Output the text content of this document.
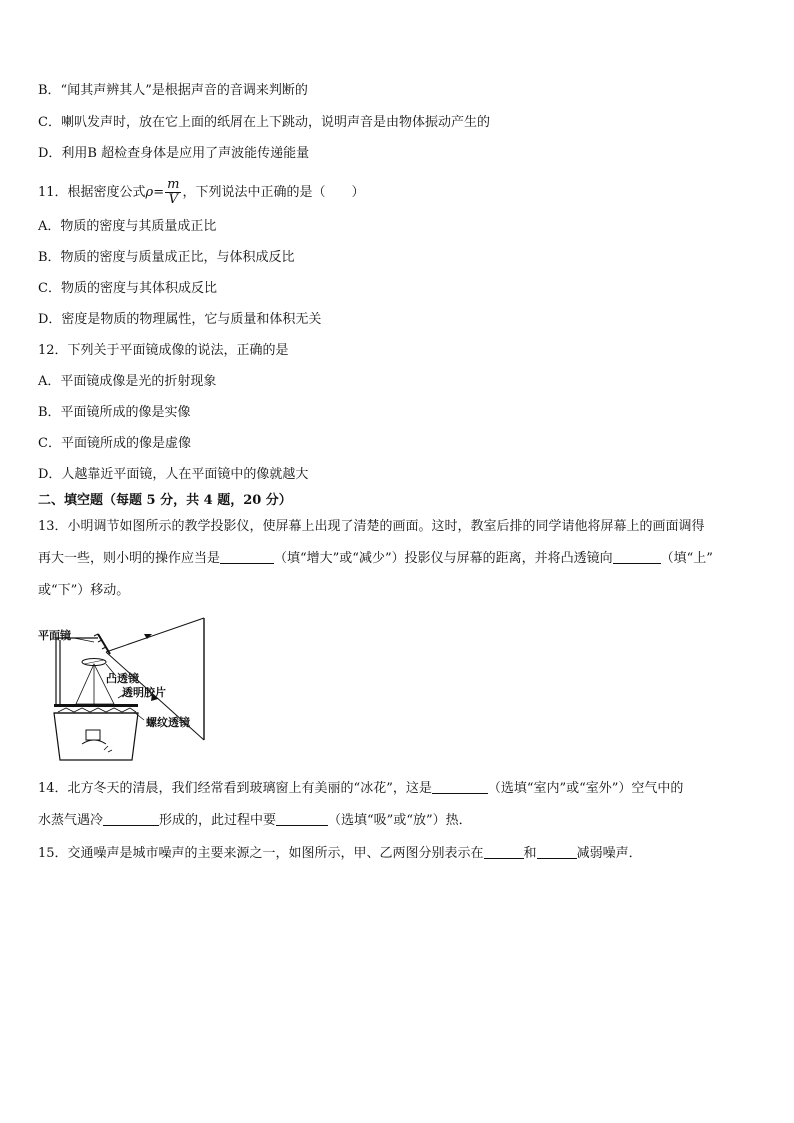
B．“闻其声辨其人”是根据声音的音调来判断的
C．喇叭发声时，放在它上面的纸屑在上下跳动，说明声音是由物体振动产生的
D．利用B 超检查身体是应用了声波能传递能量
11．根据密度公式$\rho= \frac{m}{V}$ ，下列说法中正确的是（　　）
A．物质的密度与其质量成正比
B．物质的密度与质量成正比，与体积成反比
C．物质的密度与其体积成反比
D．密度是物质的物理属性，它与质量和体积无关
12．下列关于平面镜成像的说法，正确的是
A．平面镜成像是光的折射现象
B．平面镜所成的像是实像
C．平面镜所成的像是虚像
D．人越靠近平面镜，人在平面镜中的像就越大
二、填空题（每题 5 分，共 4 题，20 分）
13．小明调节如图所示的教学投影仪，使屏幕上出现了清楚的画面。这时，教室后排的同学请他将屏幕上的画面调得
再大一些，则小明的操作应当是	（填“增大”或“减少”）投影仪与屏幕的距离，并将凸透镜向	（填“上”
或“下”）移动。
平面镜
凸透镜
透明胶片
螺纹透镜
14．北方冬天的清晨，我们经常看到玻璃窗上有美丽的“冰花”，这是	（选填“室内”或“室外”）空气中的
水蒸气遇冷	形成的，此过程中要	（选填“吸”或“放”）热．
15．交通噪声是城市噪声的主要来源之一，如图所示，甲、乙两图分别表示在	和	减弱噪声．
